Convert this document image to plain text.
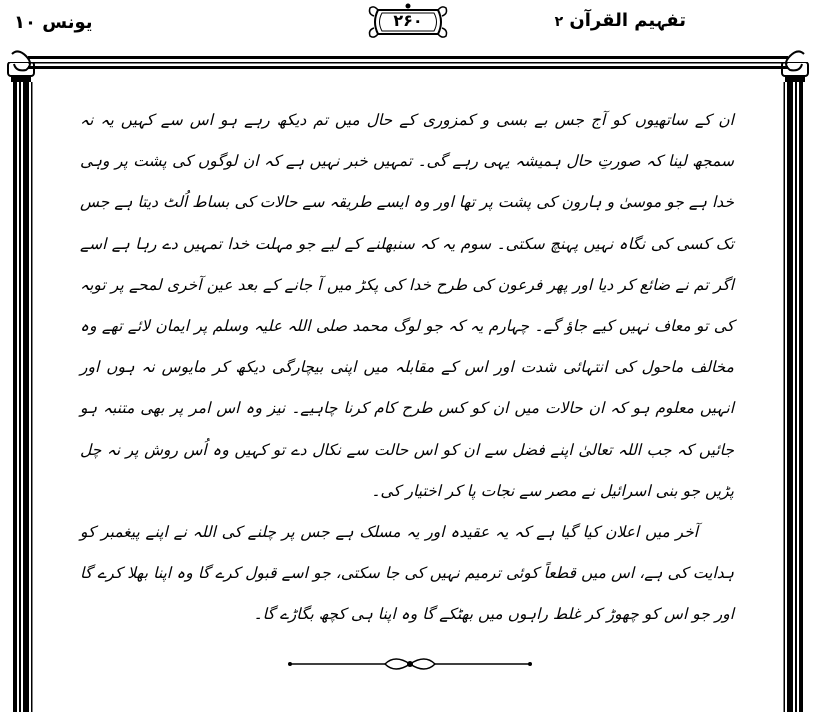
یونس ۱۰	۲۶۰	تفہیم القرآن ۲

ان کے ساتھیوں کو آج جس بے بسی و کمزوری کے حال میں تم دیکھ رہے ہو اس سے کہیں یہ نہ سمجھ لینا کہ صورتِ حال ہمیشہ یہی رہے گی۔ تمہیں خبر نہیں ہے کہ ان لوگوں کی پشت پر وہی خدا ہے جو موسیٰ و ہارون کی پشت پر تھا اور وہ ایسے طریقہ سے حالات کی بساط اُلٹ دیتا ہے جس تک کسی کی نگاہ نہیں پہنچ سکتی۔ سوم یہ کہ سنبھلنے کے لیے جو مہلت خدا تمہیں دے رہا ہے اسے اگر تم نے ضائع کر دیا اور پھر فرعون کی طرح خدا کی پکڑ میں آ جانے کے بعد عین آخری لمحے پر توبہ کی تو معاف نہیں کیے جاؤ گے۔ چہارم یہ کہ جو لوگ محمد صلی اللہ علیہ وسلم پر ایمان لائے تھے وہ مخالف ماحول کی انتہائی شدت اور اس کے مقابلہ میں اپنی بیچارگی دیکھ کر مایوس نہ ہوں اور انہیں معلوم ہو کہ ان حالات میں ان کو کس طرح کام کرنا چاہیے۔ نیز وہ اس امر پر بھی متنبہ ہو جائیں کہ جب اللہ تعالیٰ اپنے فضل سے ان کو اس حالت سے نکال دے تو کہیں وہ اُس روش پر نہ چل پڑیں جو بنی اسرائیل نے مصر سے نجات پا کر اختیار کی۔

آخر میں اعلان کیا گیا ہے کہ یہ عقیدہ اور یہ مسلک ہے جس پر چلنے کی اللہ نے اپنے پیغمبر کو ہدایت کی ہے، اس میں قطعاً کوئی ترمیم نہیں کی جا سکتی، جو اسے قبول کرے گا وہ اپنا بھلا کرے گا اور جو اس کو چھوڑ کر غلط راہوں میں بھٹکے گا وہ اپنا ہی کچھ بگاڑے گا۔
